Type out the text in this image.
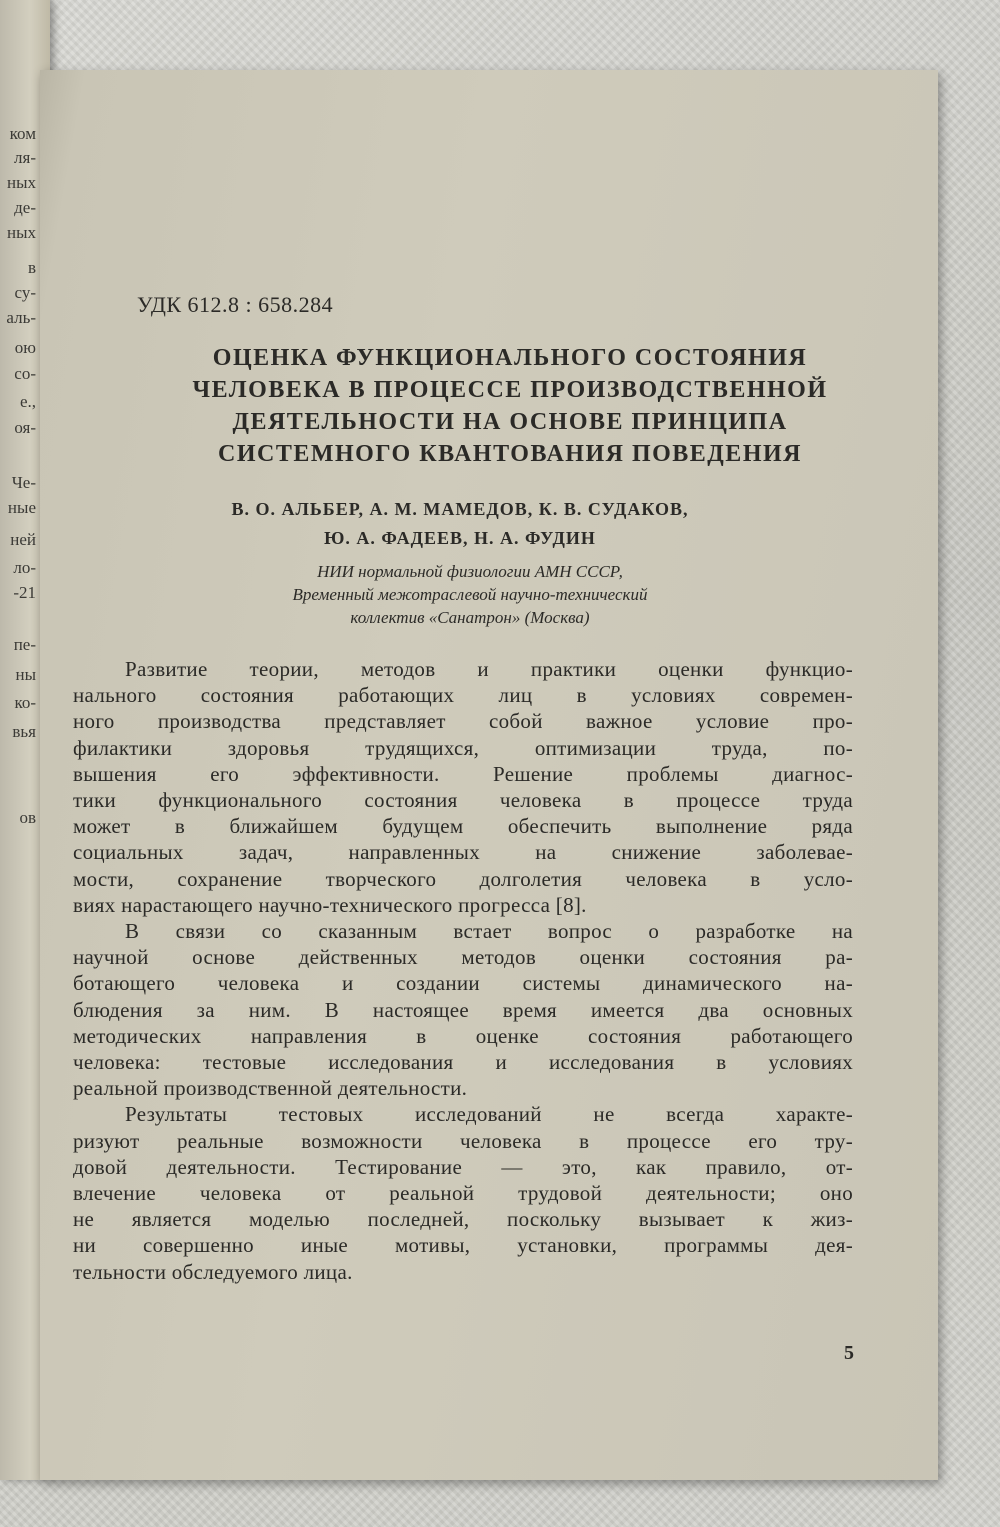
ком
ля-
ных
де-
ных
в
су-
аль-
ою
со-
е.,
оя-
Че-
ные
ней
ло-
-21
пе-
ны
ко-
вья
ов
УДК 612.8 : 658.284
ОЦЕНКА ФУНКЦИОНАЛЬНОГО СОСТОЯНИЯ
ЧЕЛОВЕКА В ПРОЦЕССЕ ПРОИЗВОДСТВЕННОЙ
ДЕЯТЕЛЬНОСТИ НА ОСНОВЕ ПРИНЦИПА
СИСТЕМНОГО КВАНТОВАНИЯ ПОВЕДЕНИЯ
В. О. АЛЬБЕР, А. М. МАМЕДОВ, К. В. СУДАКОВ,
Ю. А. ФАДЕЕВ, Н. А. ФУДИН
НИИ нормальной физиологии АМН СССР,
Временный межотраслевой научно-технический
коллектив «Санатрон» (Москва)
Развитие теории, методов и практики оценки функцио-
нального состояния работающих лиц в условиях современ-
ного производства представляет собой важное условие про-
филактики здоровья трудящихся, оптимизации труда, по-
вышения его эффективности. Решение проблемы диагнос-
тики функционального состояния человека в процессе труда
может в ближайшем будущем обеспечить выполнение ряда
социальных задач, направленных на снижение заболевае-
мости, сохранение творческого долголетия человека в усло-
виях нарастающего научно-технического прогресса [8].
В связи со сказанным встает вопрос о разработке на
научной основе действенных методов оценки состояния ра-
ботающего человека и создании системы динамического на-
блюдения за ним. В настоящее время имеется два основных
методических направления в оценке состояния работающего
человека: тестовые исследования и исследования в условиях
реальной производственной деятельности.
Результаты тестовых исследований не всегда характе-
ризуют реальные возможности человека в процессе его тру-
довой деятельности. Тестирование — это, как правило, от-
влечение человека от реальной трудовой деятельности; оно
не является моделью последней, поскольку вызывает к жиз-
ни совершенно иные мотивы, установки, программы дея-
тельности обследуемого лица.
5
